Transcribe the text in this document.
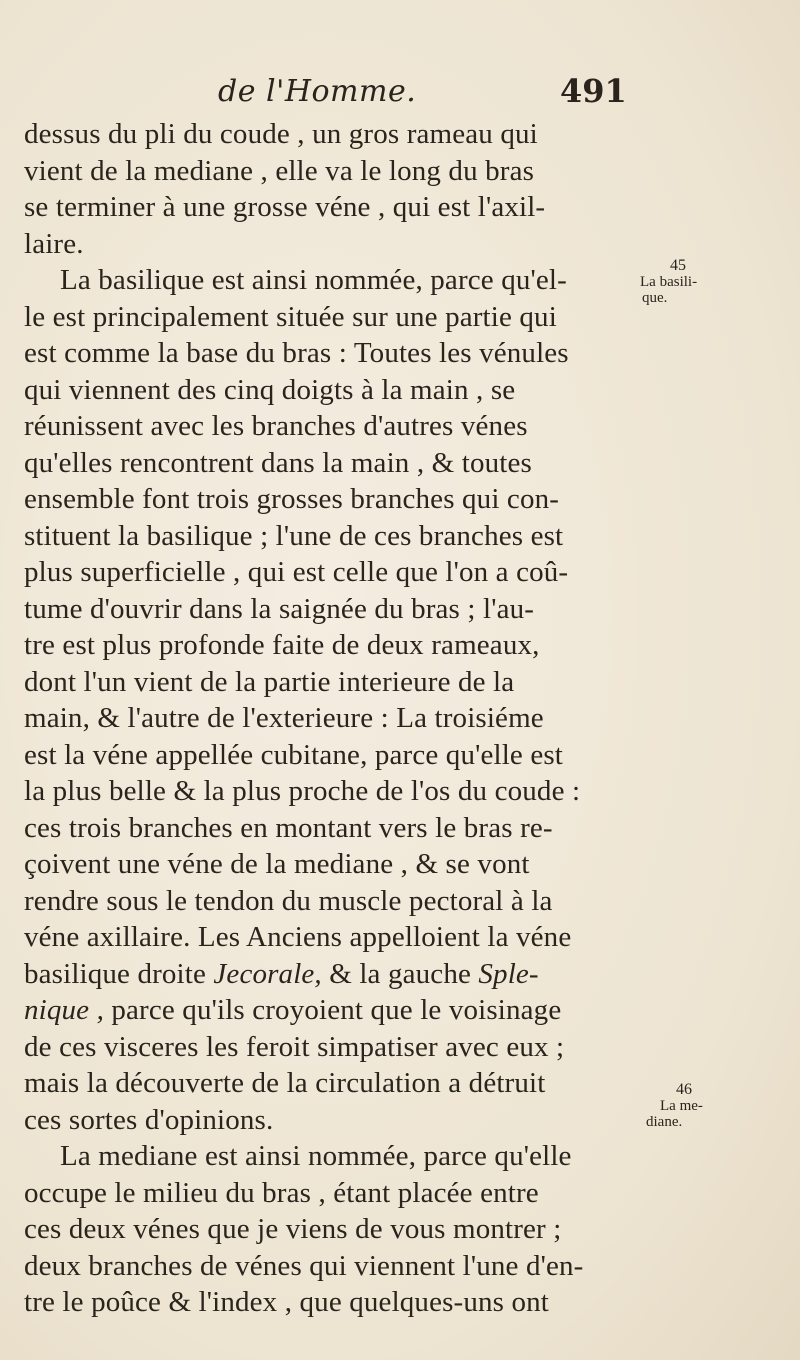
de l'Homme.	491
dessus du pli du coude , un gros rameau qui
vient de la mediane , elle va le long du bras
se terminer à une grosse véne , qui est l'axil-
laire.
La basilique est ainsi nommée, parce qu'el-
le est principalement située sur une partie qui
est comme la base du bras : Toutes les vénules
qui viennent des cinq doigts à la main , se
réunissent avec les branches d'autres vénes
qu'elles rencontrent dans la main , & toutes
ensemble font trois grosses branches qui con-
stituent la basilique ; l'une de ces branches est
plus superficielle , qui est celle que l'on a coû-
tume d'ouvrir dans la saignée du bras ; l'au-
tre est plus profonde faite de deux rameaux,
dont l'un vient de la partie interieure de la
main, & l'autre de l'exterieure : La troisiéme
est la véne appellée cubitane, parce qu'elle est
la plus belle & la plus proche de l'os du coude :
ces trois branches en montant vers le bras re-
çoivent une véne de la mediane , & se vont
rendre sous le tendon du muscle pectoral à la
véne axillaire. Les Anciens appelloient la véne
basilique droite Jecorale, & la gauche Sple-
nique , parce qu'ils croyoient que le voisinage
de ces visceres les feroit simpatiser avec eux ;
mais la découverte de la circulation a détruit
ces sortes d'opinions.
La mediane est ainsi nommée, parce qu'elle
occupe le milieu du bras , étant placée entre
ces deux vénes que je viens de vous montrer ;
deux branches de vénes qui viennent l'une d'en-
tre le poûce & l'index , que quelques-uns ont
45
La basili-
que.
46
La me-
diane.
